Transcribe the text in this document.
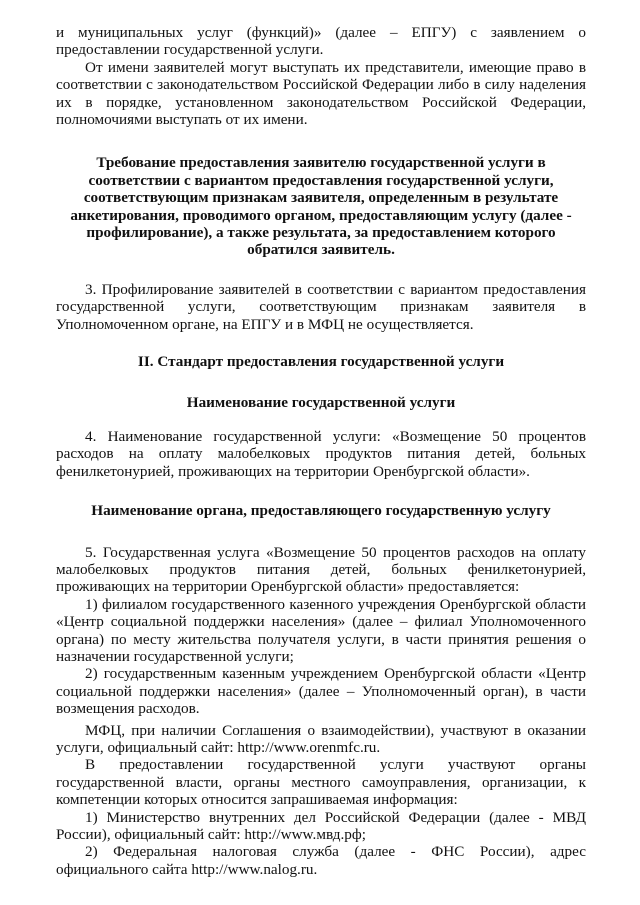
и муниципальных услуг (функций)» (далее – ЕПГУ) с заявлением о предоставлении государственной услуги.

От имени заявителей могут выступать их представители, имеющие право в соответствии с законодательством Российской Федерации либо в силу наделения их в порядке, установленном законодательством Российской Федерации, полномочиями выступать от их имени.

Требование предоставления заявителю государственной услуги в соответствии с вариантом предоставления государственной услуги, соответствующим признакам заявителя, определенным в результате анкетирования, проводимого органом, предоставляющим услугу (далее - профилирование), а также результата, за предоставлением которого обратился заявитель.

3. Профилирование заявителей в соответствии с вариантом предоставления государственной услуги, соответствующим признакам заявителя в Уполномоченном органе, на ЕПГУ и в МФЦ не осуществляется.

II. Стандарт предоставления государственной услуги

Наименование государственной услуги

4. Наименование государственной услуги: «Возмещение 50 процентов расходов на оплату малобелковых продуктов питания детей, больных фенилкетонурией, проживающих на территории Оренбургской области».

Наименование органа, предоставляющего государственную услугу

5. Государственная услуга «Возмещение 50 процентов расходов на оплату малобелковых продуктов питания детей, больных фенилкетонурией, проживающих на территории Оренбургской области» предоставляется:

1) филиалом государственного казенного учреждения Оренбургской области «Центр социальной поддержки населения» (далее – филиал Уполномоченного органа) по месту жительства получателя услуги, в части принятия решения о назначении государственной услуги;

2) государственным казенным учреждением Оренбургской области «Центр социальной поддержки населения» (далее – Уполномоченный орган), в части возмещения расходов.

МФЦ, при наличии Соглашения о взаимодействии), участвуют в оказании услуги, официальный сайт: http://www.orenmfc.ru.

В предоставлении государственной услуги участвуют органы государственной власти, органы местного самоуправления, организации, к компетенции которых относится запрашиваемая информация:

1) Министерство внутренних дел Российской Федерации (далее - МВД России), официальный сайт: http://www.мвд.рф;

2) Федеральная налоговая служба (далее - ФНС России), адрес официального сайта http://www.nalog.ru.
